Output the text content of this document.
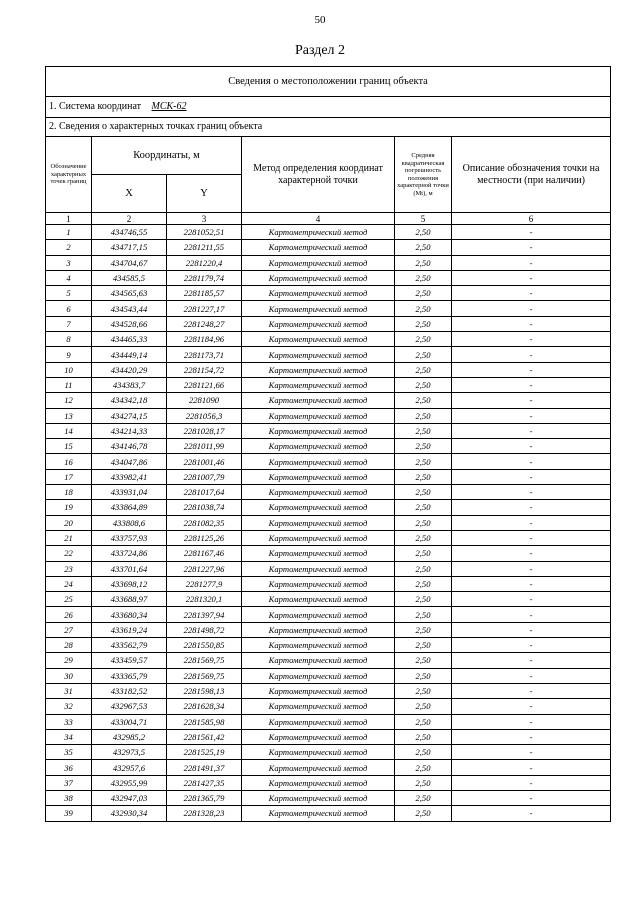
50
Раздел 2
Сведения о местоположении границ объекта					
1. Система координат МСК-62					
2. Сведения о характерных точках границ объекта					
Обозначение характерных точек границ	Координаты, м		Метод определения координат характерной точки	Средняя квадратическая погрешность положения характерной точки (Mt), м	Описание обозначения точки на местности (при наличии)
	X	Y			
1	2	3	4	5	6
1	434746,55	2281052,51	Картометрический метод	2,50	-
2	434717,15	2281211,55	Картометрический метод	2,50	-
3	434704,67	2281220,4	Картометрический метод	2,50	-
4	434585,5	2281179,74	Картометрический метод	2,50	-
5	434565,63	2281185,57	Картометрический метод	2,50	-
6	434543,44	2281227,17	Картометрический метод	2,50	-
7	434528,66	2281248,27	Картометрический метод	2,50	-
8	434465,33	2281184,96	Картометрический метод	2,50	-
9	434449,14	2281173,71	Картометрический метод	2,50	-
10	434420,29	2281154,72	Картометрический метод	2,50	-
11	434383,7	2281121,66	Картометрический метод	2,50	-
12	434342,18	2281090	Картометрический метод	2,50	-
13	434274,15	2281056,3	Картометрический метод	2,50	-
14	434214,33	2281028,17	Картометрический метод	2,50	-
15	434146,78	2281011,99	Картометрический метод	2,50	-
16	434047,86	2281001,46	Картометрический метод	2,50	-
17	433982,41	2281007,79	Картометрический метод	2,50	-
18	433931,04	2281017,64	Картометрический метод	2,50	-
19	433864,89	2281038,74	Картометрический метод	2,50	-
20	433808,6	2281082,35	Картометрический метод	2,50	-
21	433757,93	2281125,26	Картометрический метод	2,50	-
22	433724,86	2281167,46	Картометрический метод	2,50	-
23	433701,64	2281227,96	Картометрический метод	2,50	-
24	433698,12	2281277,9	Картометрический метод	2,50	-
25	433688,97	2281320,1	Картометрический метод	2,50	-
26	433680,34	2281397,94	Картометрический метод	2,50	-
27	433619,24	2281498,72	Картометрический метод	2,50	-
28	433562,79	2281550,85	Картометрический метод	2,50	-
29	433459,57	2281569,75	Картометрический метод	2,50	-
30	433365,79	2281569,75	Картометрический метод	2,50	-
31	433182,52	2281598,13	Картометрический метод	2,50	-
32	432967,53	2281628,34	Картометрический метод	2,50	-
33	433004,71	2281585,98	Картометрический метод	2,50	-
34	432985,2	2281561,42	Картометрический метод	2,50	-
35	432973,5	2281525,19	Картометрический метод	2,50	-
36	432957,6	2281491,37	Картометрический метод	2,50	-
37	432955,99	2281427,35	Картометрический метод	2,50	-
38	432947,03	2281365,79	Картометрический метод	2,50	-
39	432930,34	2281328,23	Картометрический метод	2,50	-
